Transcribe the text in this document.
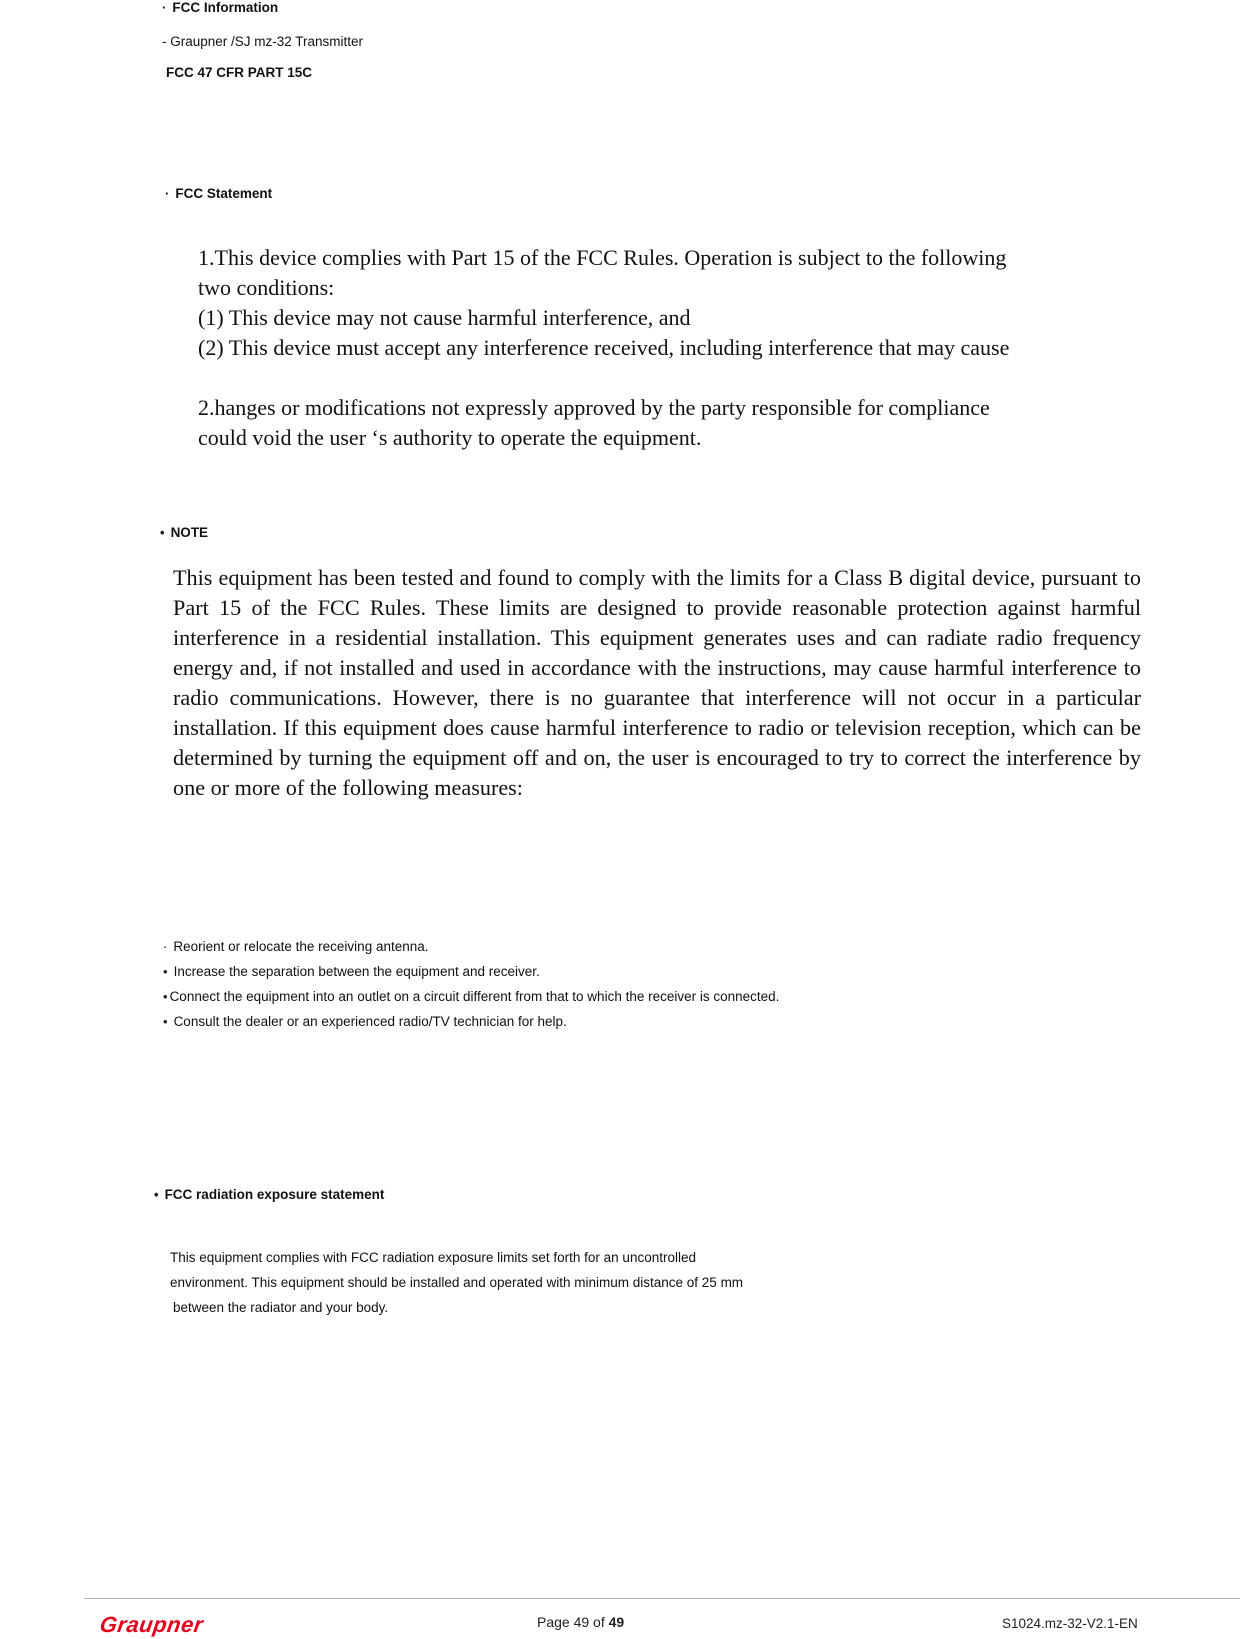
· FCC Information
- Graupner /SJ mz-32 Transmitter
FCC 47 CFR PART 15C
· FCC Statement
1.This device complies with Part 15 of the FCC Rules. Operation is subject to the following
two conditions:
(1) This device may not cause harmful interference, and
(2) This device must accept any interference received, including interference that may cause
2.hanges or modifications not expressly approved by the party responsible for compliance
could void the user ‘s authority to operate the equipment.
• NOTE
This equipment has been tested and found to comply with the limits for a Class B digital device, pursuant to Part 15 of the FCC Rules. These limits are designed to provide reasonable protection against harmful interference in a residential installation. This equipment generates uses and can radiate radio frequency energy and, if not installed and used in accordance with the instructions, may cause harmful interference to radio communications. However, there is no guarantee that interference will not occur in a particular installation. If this equipment does cause harmful interference to radio or television reception, which can be determined by turning the equipment off and on, the user is encouraged to try to correct the interference by one or more of the following measures:
· Reorient or relocate the receiving antenna.
• Increase the separation between the equipment and receiver.
• Connect the equipment into an outlet on a circuit different from that to which the receiver is connected.
• Consult the dealer or an experienced radio/TV technician for help.
• FCC radiation exposure statement
This equipment complies with FCC radiation exposure limits set forth for an uncontrolled
environment. This equipment should be installed and operated with minimum distance of 25 mm
between the radiator and your body.
Graupner	Page 49 of 49	S1024.mz-32-V2.1-EN
